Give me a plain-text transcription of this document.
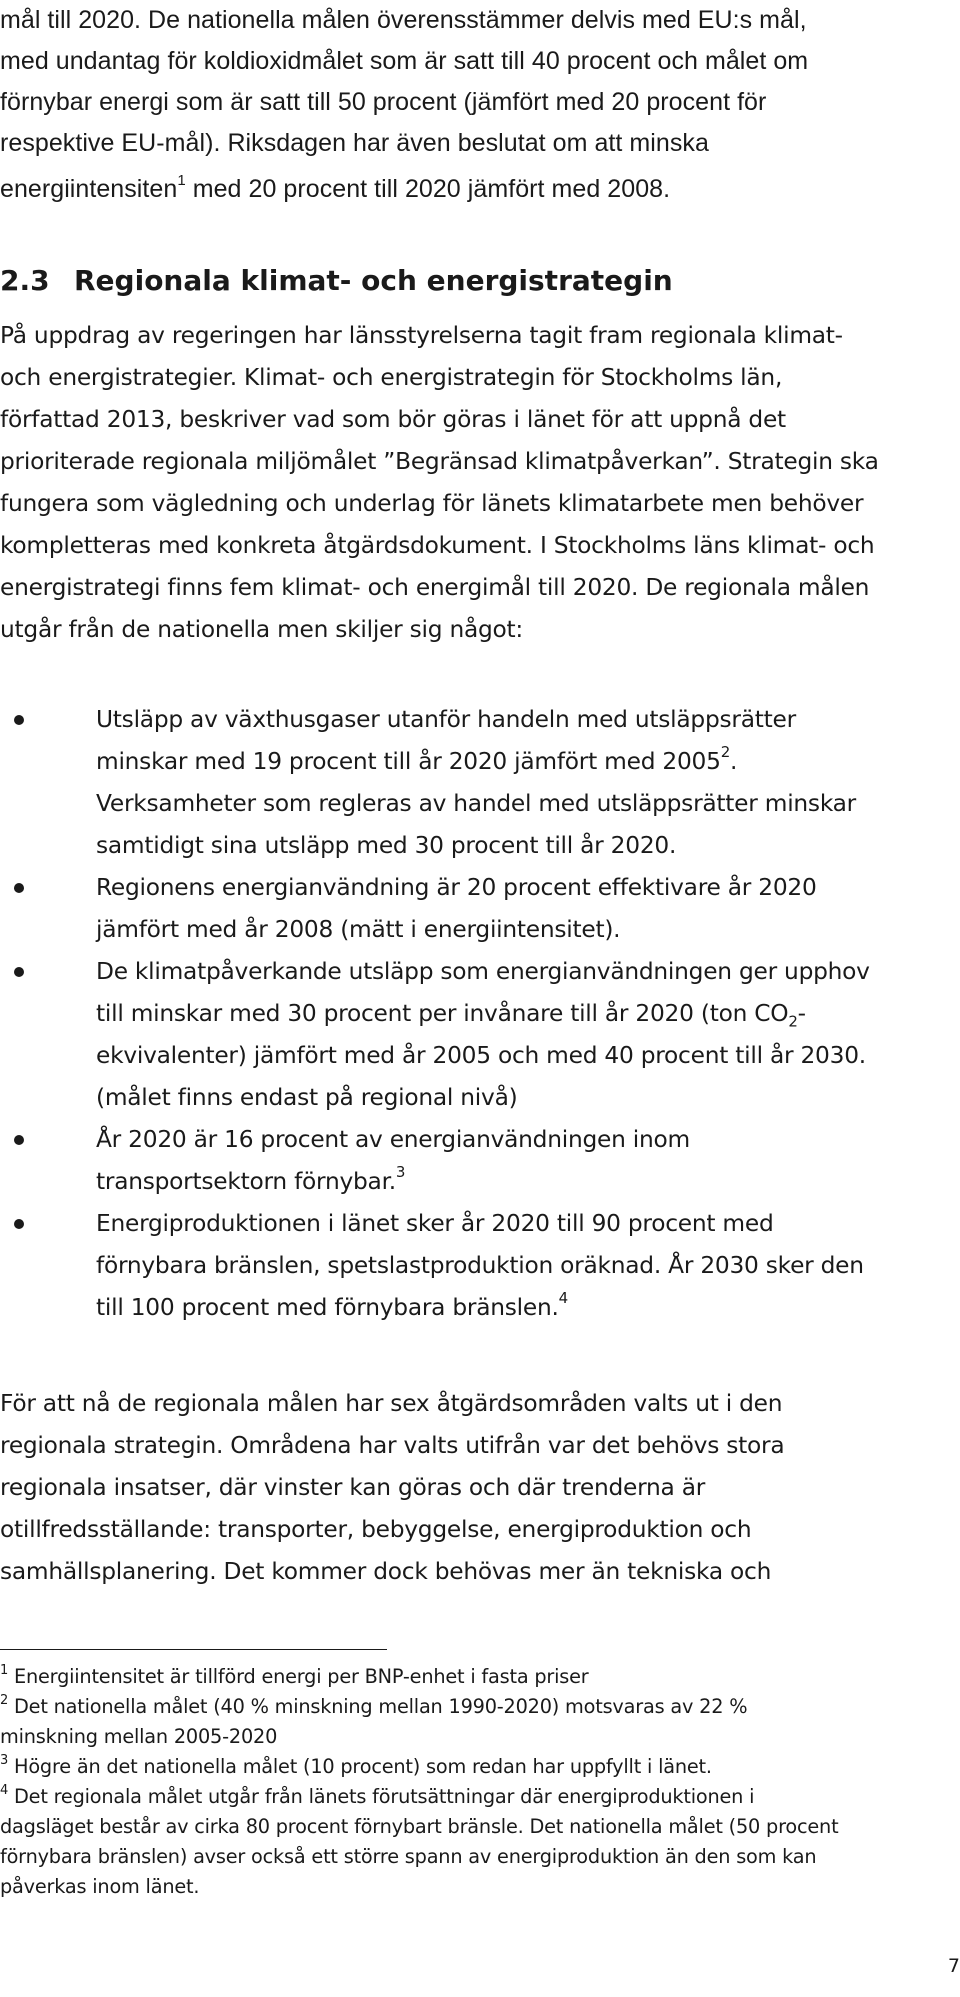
mål till 2020. De nationella målen överensstämmer delvis med EU:s mål,
med undantag för koldioxidmålet som är satt till 40 procent och målet om
förnybar energi som är satt till 50 procent (jämfört med 20 procent för
respektive EU-mål). Riksdagen har även beslutat om att minska
energiintensiten$^1$ med 20 procent till 2020 jämfört med 2008.
2.3 Regionala klimat- och energistrategin
På uppdrag av regeringen har länsstyrelserna tagit fram regionala klimat-
och energistrategier. Klimat- och energistrategin för Stockholms län,
författad 2013, beskriver vad som bör göras i länet för att uppnå det
prioriterade regionala miljömålet ”Begränsad klimatpåverkan”. Strategin ska
fungera som vägledning och underlag för länets klimatarbete men behöver
kompletteras med konkreta åtgärdsdokument. I Stockholms läns klimat- och
energistrategi finns fem klimat- och energimål till 2020. De regionala målen
utgår från de nationella men skiljer sig något:
Utsläpp av växthusgaser utanför handeln med utsläppsrätter
minskar med 19 procent till år 2020 jämfört med 2005$^2$.
Verksamheter som regleras av handel med utsläppsrätter minskar
samtidigt sina utsläpp med 30 procent till år 2020.
Regionens energianvändning är 20 procent effektivare år 2020
jämfört med år 2008 (mätt i energiintensitet).
De klimatpåverkande utsläpp som energianvändningen ger upphov
till minskar med 30 procent per invånare till år 2020 (ton $CO_2-$
ekvivalenter) jämfört med år 2005 och med 40 procent till år 2030.
(målet finns endast på regional nivå)
År 2020 är 16 procent av energianvändningen inom
transportsektorn förnybar.$^3$
Energiproduktionen i länet sker år 2020 till 90 procent med
förnybara bränslen, spetslastproduktion oräknad. År 2030 sker den
till 100 procent med förnybara bränslen.$^4$
För att nå de regionala målen har sex åtgärdsområden valts ut i den
regionala strategin. Områdena har valts utifrån var det behövs stora
regionala insatser, där vinster kan göras och där trenderna är
otillfredsställande: transporter, bebyggelse, energiproduktion och
samhällsplanering. Det kommer dock behövas mer än tekniska och
$^1$ Energiintensitet är tillförd energi per BNP-enhet i fasta priser
$^2$ Det nationella målet (40 % minskning mellan 1990-2020) motsvaras av 22 %
minskning mellan 2005-2020
$^3$ Högre än det nationella målet (10 procent) som redan har uppfyllt i länet.
$^4$ Det regionala målet utgår från länets förutsättningar där energiproduktionen i
dagsläget består av cirka 80 procent förnybart bränsle. Det nationella målet (50 procent
förnybara bränslen) avser också ett större spann av energiproduktion än den som kan
påverkas inom länet.
7
